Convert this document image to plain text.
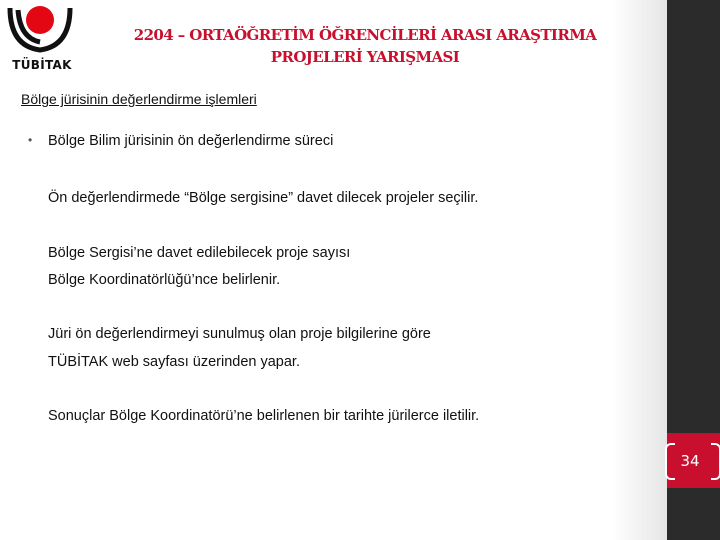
34
TÜBİTAK
2204 – ORTAÖĞRETİM ÖĞRENCİLERİ ARASI ARAŞTIRMA
PROJELERİ YARIŞMASI
Bölge jürisinin değerlendirme işlemleri
• Bölge Bilim jürisinin ön değerlendirme süreci
Ön değerlendirmede “Bölge sergisine” davet dilecek projeler seçilir.
Bölge Sergisi’ne davet edilebilecek proje sayısı
Bölge Koordinatörlüğü’nce belirlenir.
Jüri ön değerlendirmeyi sunulmuş olan proje bilgilerine göre
TÜBİTAK web sayfası üzerinden yapar.
Sonuçlar Bölge Koordinatörü’ne belirlenen bir tarihte jürilerce iletilir.
